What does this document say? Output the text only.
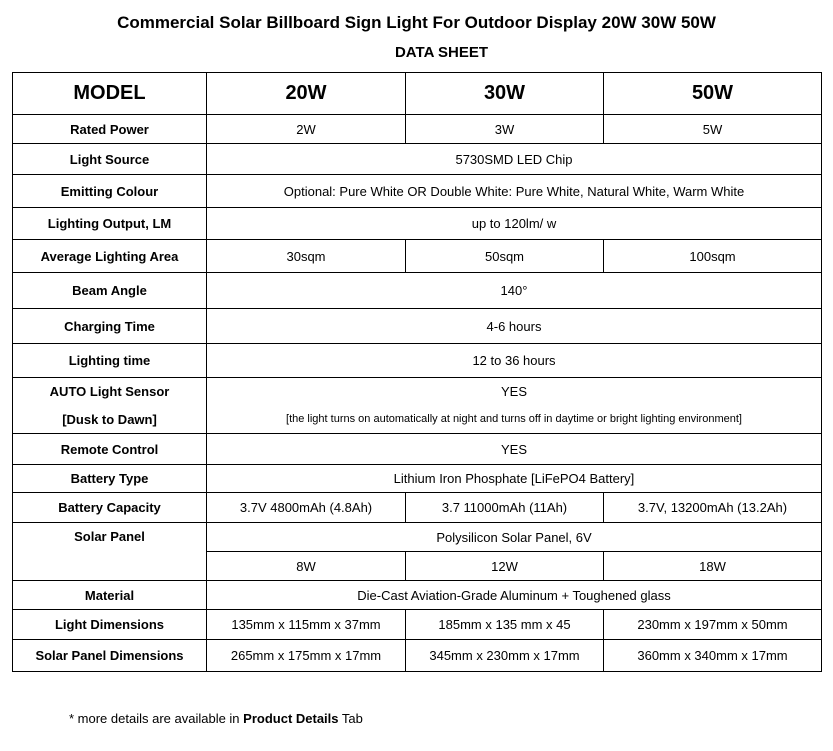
Commercial Solar Billboard Sign Light For Outdoor Display 20W 30W 50W
DATA SHEET
MODEL	20W	30W	50W
Rated Power	2W	3W	5W
Light Source	5730SMD LED Chip		
Emitting Colour	Optional: Pure White OR Double White: Pure White, Natural White, Warm White		
Lighting Output, LM	up to 120lm/ w		
Average Lighting Area	30sqm	50sqm	100sqm
Beam Angle	140°		
Charging Time	4-6 hours		
Lighting time	12 to 36 hours		
AUTO Light Sensor	YES		
[Dusk to Dawn]	[the light turns on automatically at night and turns off in daytime or bright lighting environment]		
Remote Control	YES		
Battery Type	Lithium Iron Phosphate [LiFePO4 Battery]		
Battery Capacity	3.7V 4800mAh (4.8Ah)	3.7 11000mAh (11Ah)	3.7V, 13200mAh (13.2Ah)
Solar Panel	Polysilicon Solar Panel, 6V		
	8W	12W	18W
Material	Die-Cast Aviation-Grade Aluminum + Toughened glass		
Light Dimensions	135mm x 115mm x 37mm	185mm x 135 mm x 45	230mm x 197mm x 50mm
Solar Panel Dimensions	265mm x 175mm x 17mm	345mm x 230mm x 17mm	360mm x 340mm x 17mm
* more details are available in Product Details Tab
